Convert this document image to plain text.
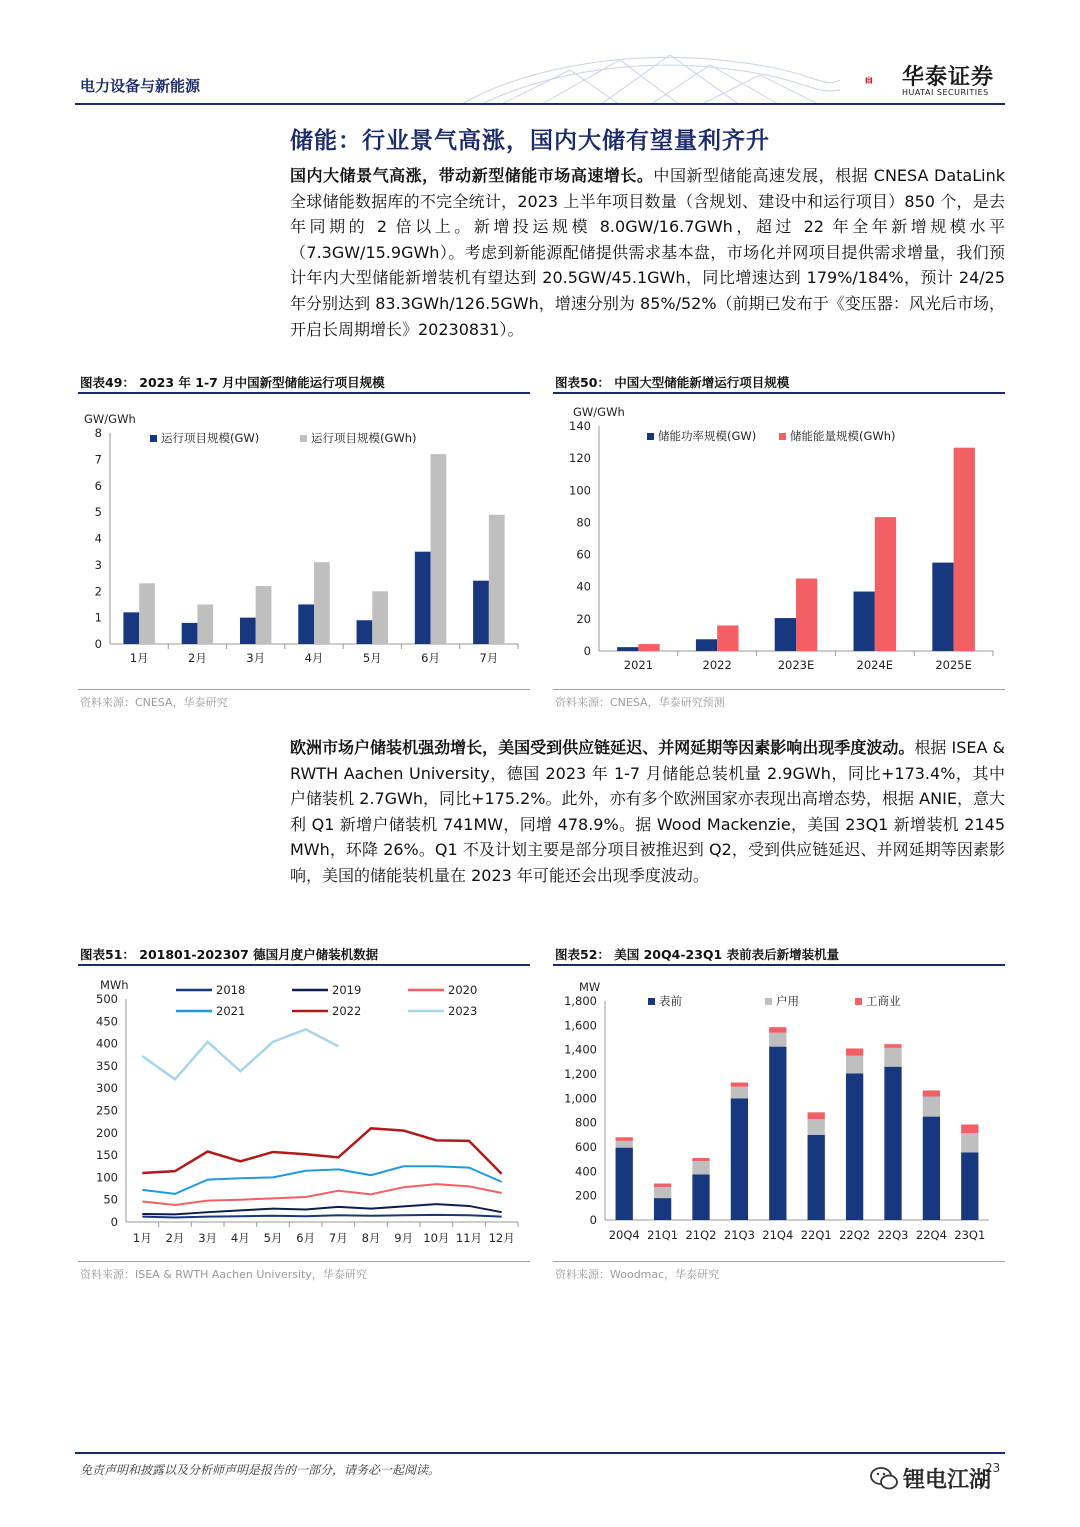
电力设备与新能源	华泰证券
HUATAI SECURITIES
储能：行业景气高涨，国内大储有望量利齐升
国内大储景气高涨，带动新型储能市场高速增长。中国新型储能高速发展，根据 CNESA DataLink 全球储能数据库的不完全统计，2023 上半年项目数量（含规划、建设中和运行项目）850 个，是去年同期的 2 倍以上。新增投运规模 8.0GW/16.7GWh，超过 22 年全年新增规模水平（7.3GW/15.9GWh）。考虑到新能源配储提供需求基本盘，市场化并网项目提供需求增量，我们预计年内大型储能新增装机有望达到 20.5GW/45.1GWh，同比增速达到 179%/184%，预计 24/25 年分别达到 83.3GWh/126.5GWh，增速分别为 85%/52%（前期已发布于《变压器：风光后市场，开启长周期增长》20230831）。
图表49： 2023 年 1-7 月中国新型储能运行项目规模
GW/GWh
0
1
2
3
4
5
6
7
8
1月	2月	3月	4月	5月	6月	7月
运行项目规模(GW)	运行项目规模(GWh)
资料来源：CNESA，华泰研究
图表50： 中国大型储能新增运行项目规模
GW/GWh
0
20
40
60
80
100
120
140
2021	2022	2023E	2024E	2025E
储能功率规模(GW)	储能能量规模(GWh)
资料来源：CNESA，华泰研究预测
欧洲市场户储装机强劲增长，美国受到供应链延迟、并网延期等因素影响出现季度波动。根据 ISEA & RWTH Aachen University，德国 2023 年 1-7 月储能总装机量 2.9GWh，同比+173.4%，其中户储装机 2.7GWh，同比+175.2%。此外，亦有多个欧洲国家亦表现出高增态势，根据 ANIE，意大利 Q1 新增户储装机 741MW，同增 478.9%。据 Wood Mackenzie，美国 23Q1 新增装机 2145 MWh，环降 26%。Q1 不及计划主要是部分项目被推迟到 Q2，受到供应链延迟、并网延期等因素影响，美国的储能装机量在 2023 年可能还会出现季度波动。
图表51： 201801-202307 德国月度户储装机数据
MWh
0
50
100
150
200
250
300
350
400
450
500
1月 2月 3月 4月 5月 6月 7月 8月 9月 10月 11月 12月
2018	2019	2020
2021	2022	2023
资料来源：ISEA & RWTH Aachen University，华泰研究
图表52： 美国 20Q4-23Q1 表前表后新增装机量
MW
0
200
400
600
800
1,000
1,200
1,400
1,600
1,800
20Q4 21Q1 21Q2 21Q3 21Q4 22Q1 22Q2 22Q3 22Q4 23Q1
表前	户用	工商业
资料来源：Woodmac，华泰研究
免责声明和披露以及分析师声明是报告的一部分，请务必一起阅读。	23
锂电江湖
